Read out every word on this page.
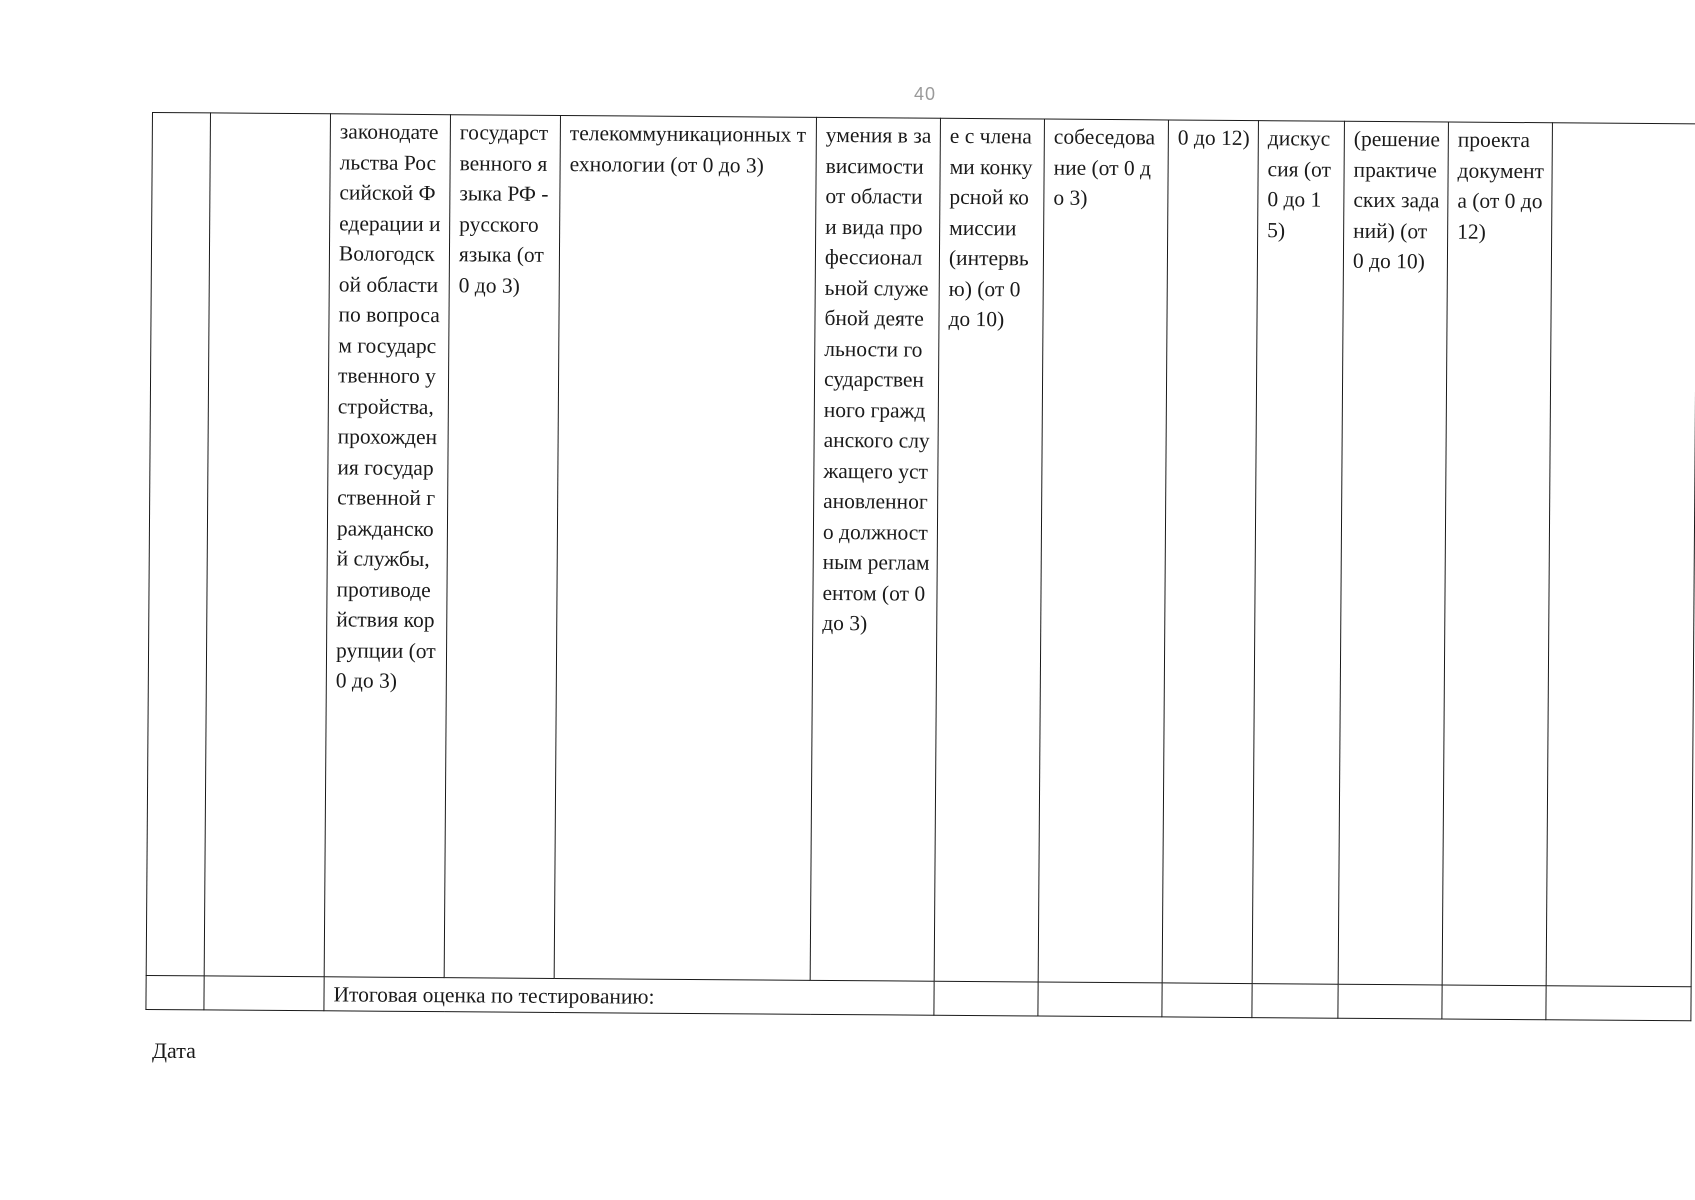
40
		законодательства Российской Федерации и Вологодской области по вопросам государственного устройства, прохождения государственной гражданской службы, противодействия коррупции (от 0 до 3)	государственного языка РФ - русского языка (от 0 до 3)	телекоммуникационных технологии (от 0 до 3)	умения в зависимости от области и вида профессиональной служебной деятельности государственного гражданского служащего установленного должностным регламентом (от 0 до 3)	е с членами конкурсной комиссии (интервью) (от 0 до 10)	собеседование (от 0 до 3)	0 до 12)	дискуссия (от 0 до 15)	(решение практических заданий) (от 0 до 10)	проекта документа (от 0 до 12)	
		Итоговая оценка по тестированию:										
Дата
